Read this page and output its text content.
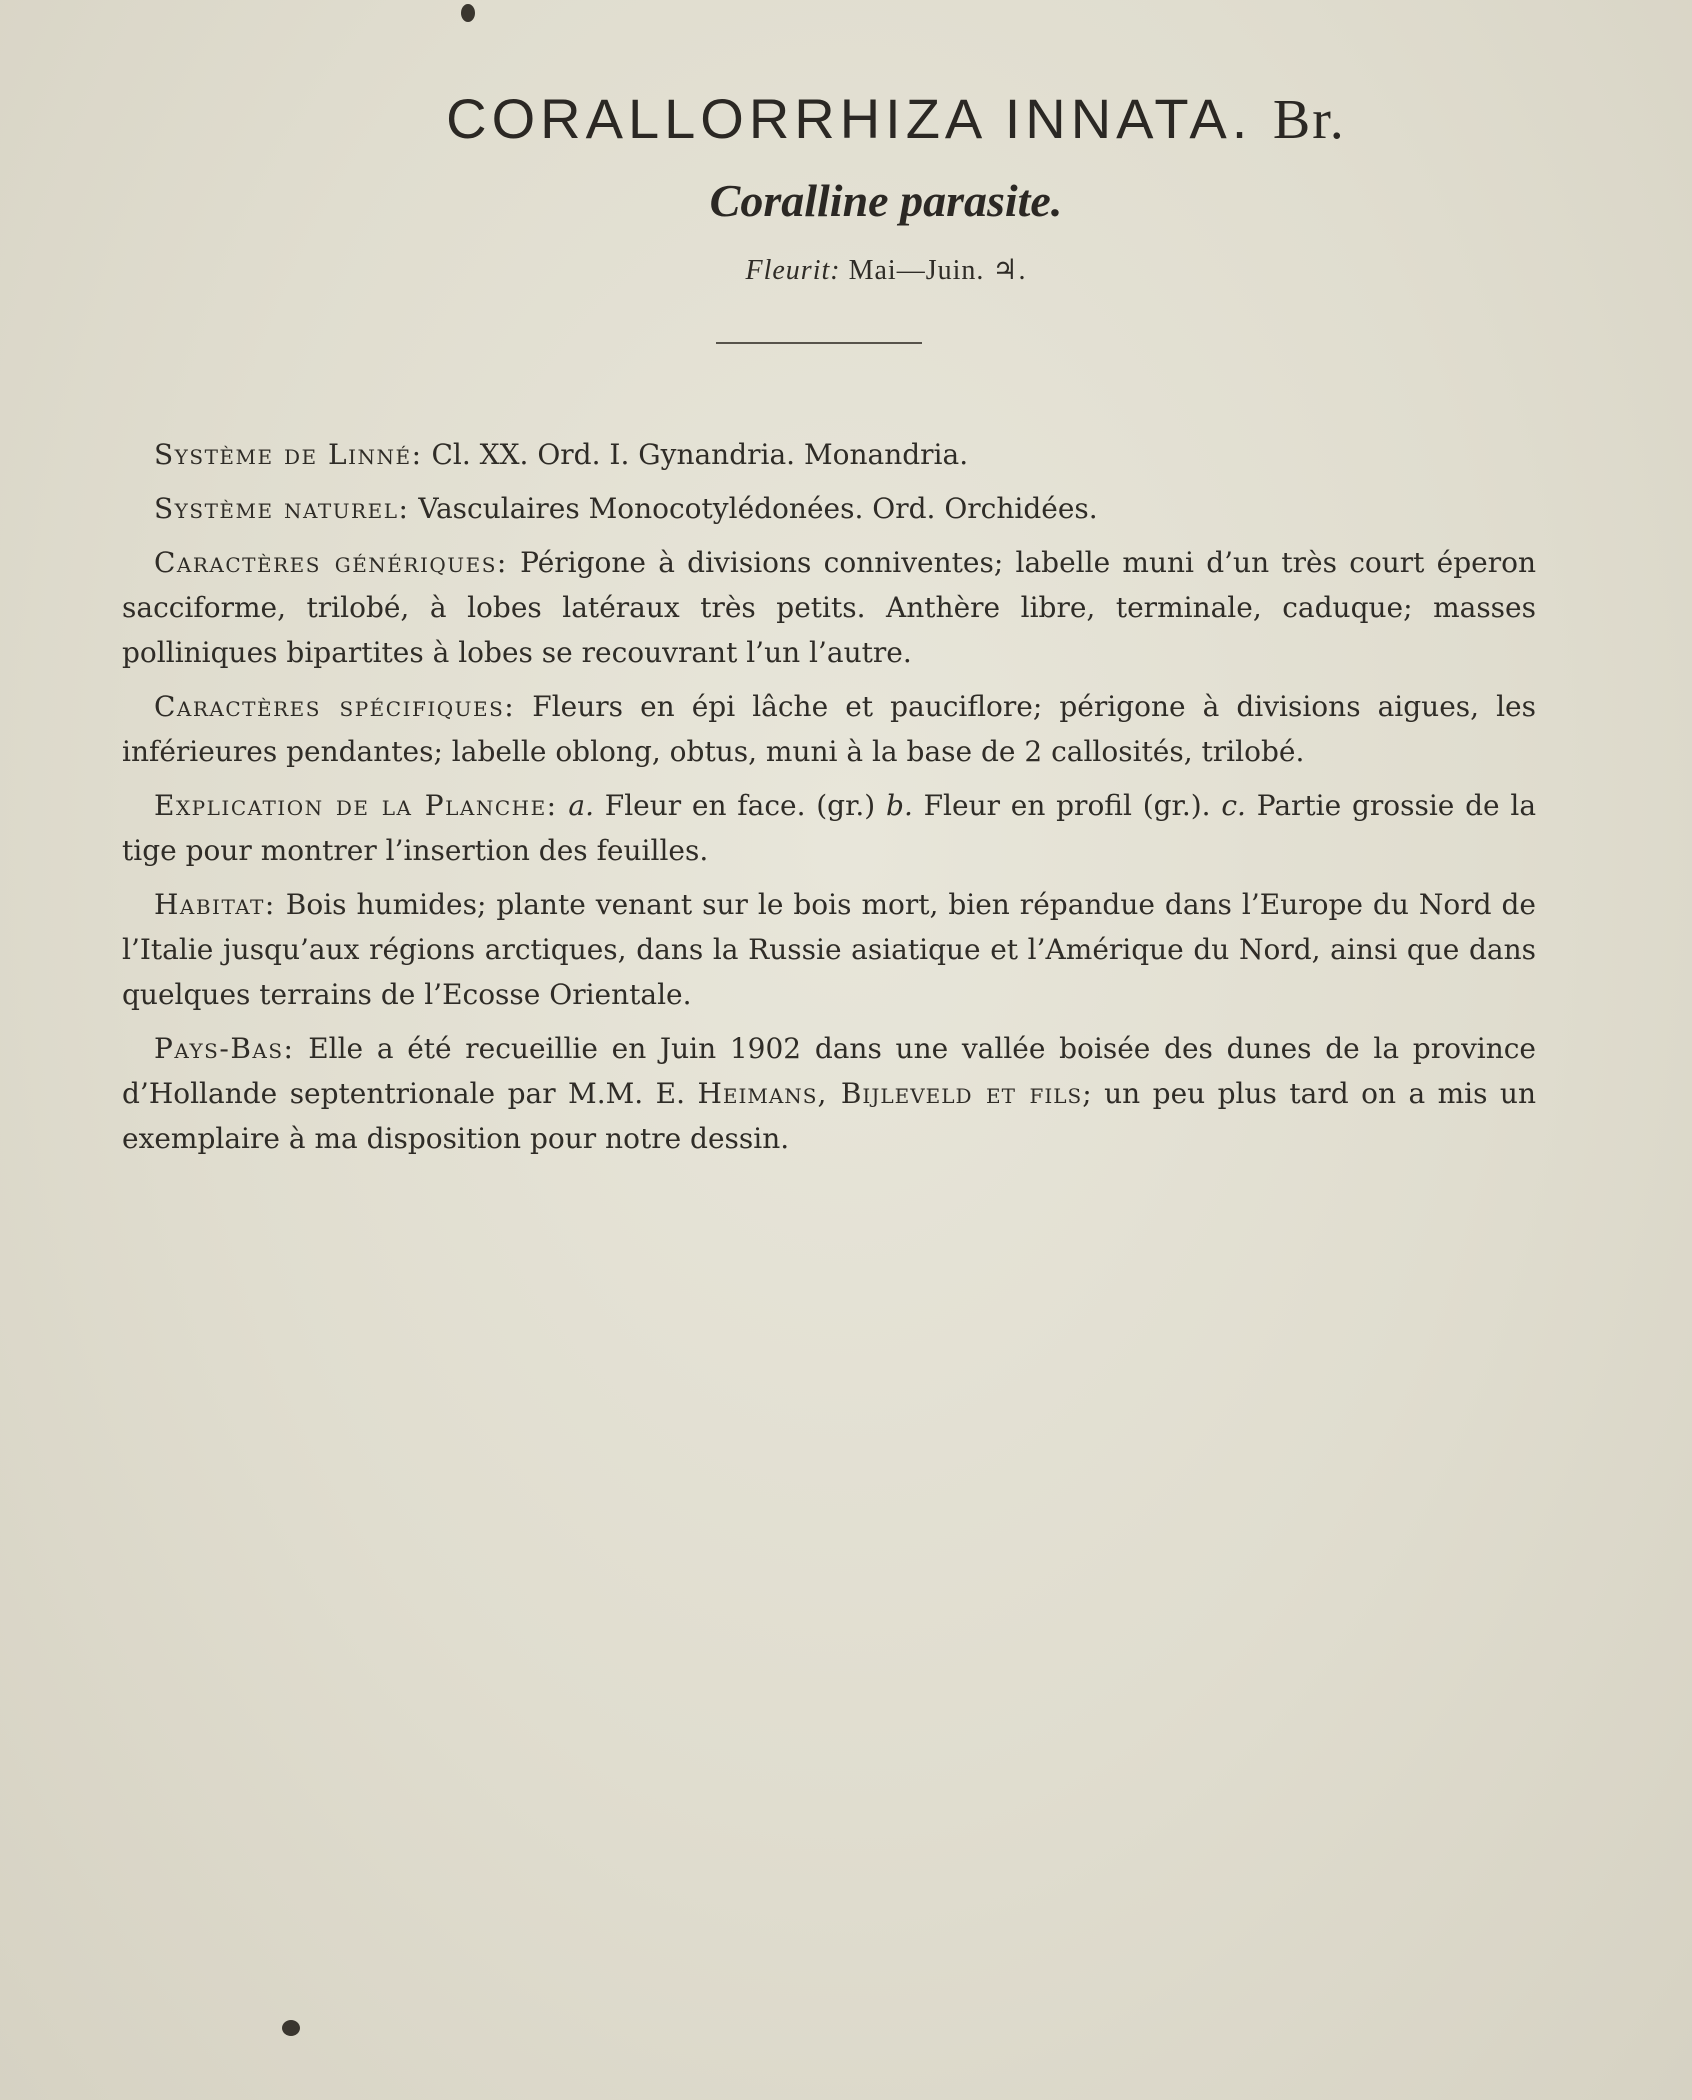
CORALLORRHIZA INNATA. Br.
Coralline parasite.
Fleurit: Mai—Juin. ♃.

Système de Linné: Cl. XX. Ord. I. Gynandria. Monandria.

Système naturel: Vasculaires Monocotylédonées. Ord. Orchidées.

Caractères génériques: Périgone à divisions conniventes; labelle muni d’un très court éperon sacciforme, trilobé, à lobes latéraux très petits. Anthère libre, terminale, caduque; masses polliniques bipartites à lobes se recouvrant l’un l’autre.

Caractères spécifiques: Fleurs en épi lâche et pauciflore; périgone à divisions aigues, les inférieures pendantes; labelle oblong, obtus, muni à la base de 2 callosités, trilobé.

Explication de la Planche: a. Fleur en face. (gr.) b. Fleur en profil (gr.). c. Partie grossie de la tige pour montrer l’insertion des feuilles.

Habitat: Bois humides; plante venant sur le bois mort, bien répandue dans l’Europe du Nord de l’Italie jusqu’aux régions arctiques, dans la Russie asiatique et l’Amérique du Nord, ainsi que dans quelques terrains de l’Ecosse Orientale.

Pays-Bas: Elle a été recueillie en Juin 1902 dans une vallée boisée des dunes de la province d’Hollande septentrionale par M.M. E. Heimans, Bijleveld et fils; un peu plus tard on a mis un exemplaire à ma disposition pour notre dessin.
